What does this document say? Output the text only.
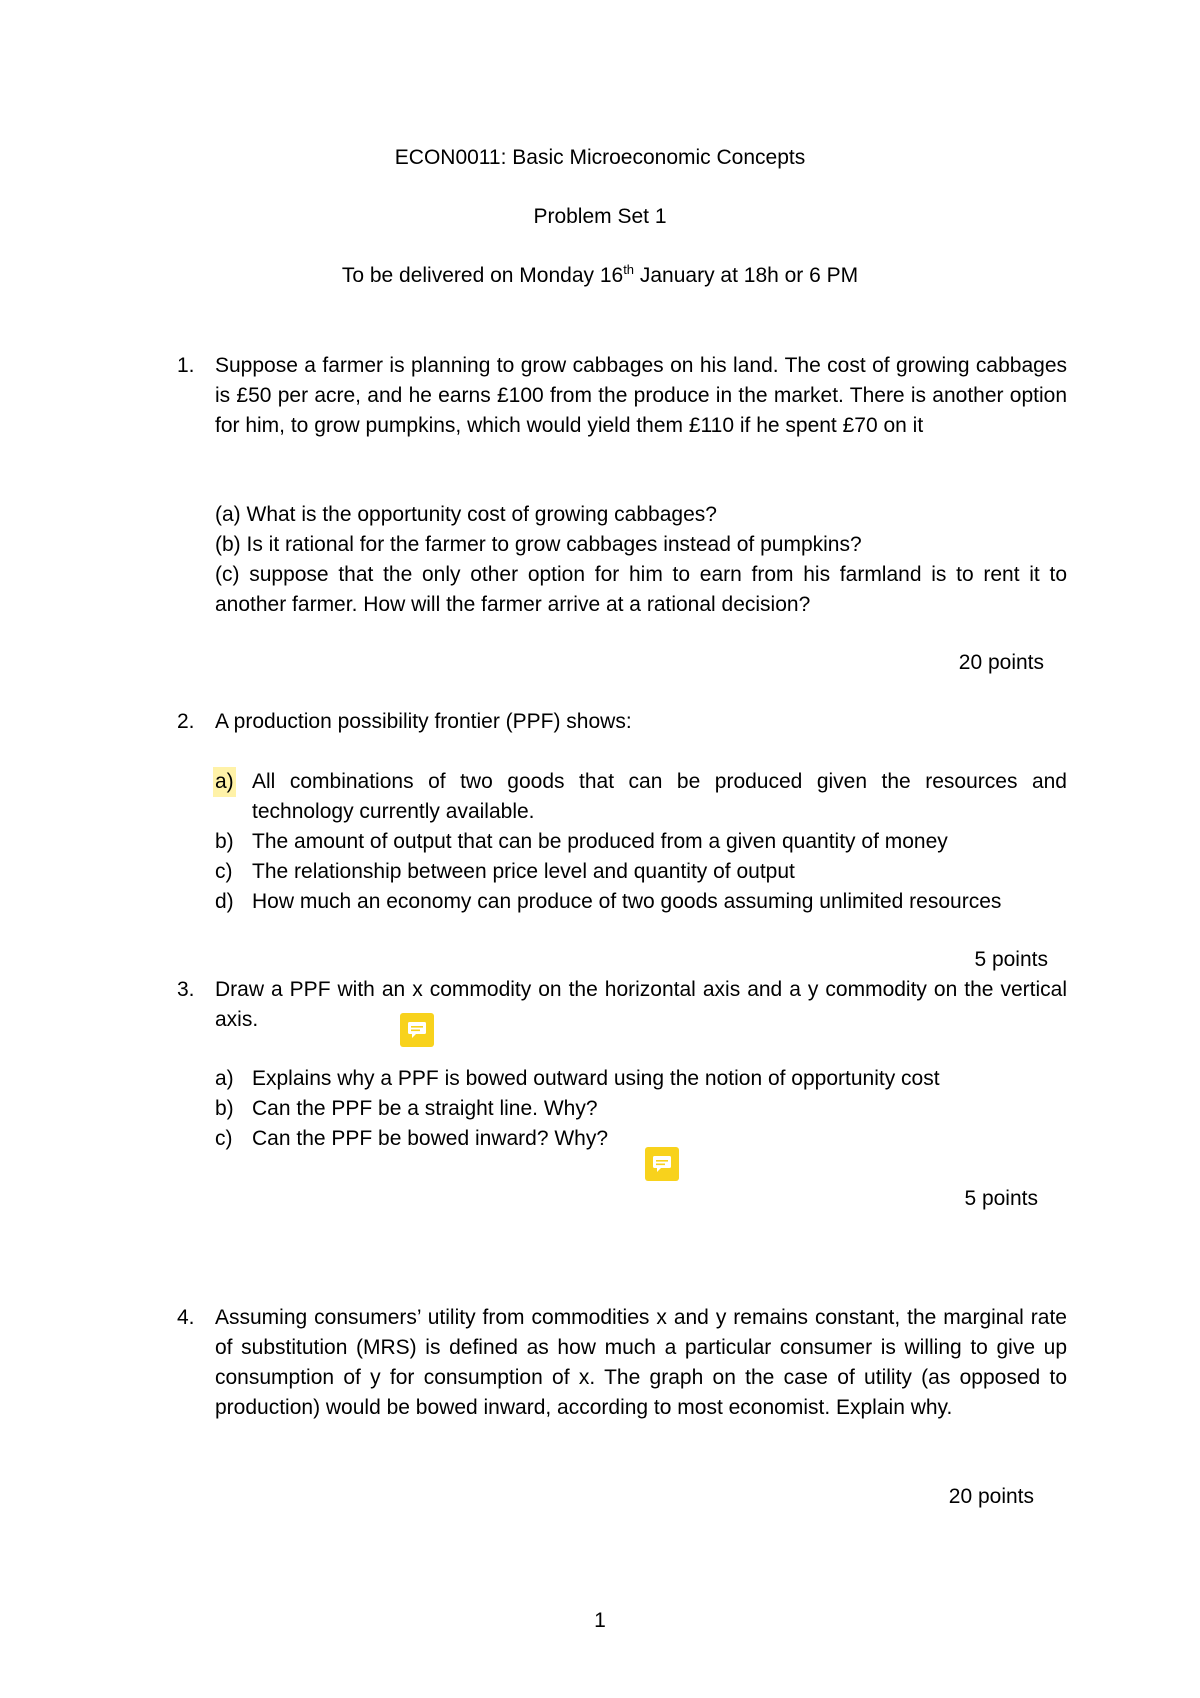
ECON0011: Basic Microeconomic Concepts
Problem Set 1
To be delivered on Monday 16th January at 18h or 6 PM
1. Suppose a farmer is planning to grow cabbages on his land. The cost of growing cabbages is £50 per acre, and he earns £100 from the produce in the market. There is another option for him, to grow pumpkins, which would yield them £110 if he spent £70 on it
(a) What is the opportunity cost of growing cabbages?
(b) Is it rational for the farmer to grow cabbages instead of pumpkins?
(c) suppose that the only other option for him to earn from his farmland is to rent it to another farmer. How will the farmer arrive at a rational decision?
20 points
2. A production possibility frontier (PPF) shows:
a) All combinations of two goods that can be produced given the resources and technology currently available.
b) The amount of output that can be produced from a given quantity of money
c) The relationship between price level and quantity of output
d) How much an economy can produce of two goods assuming unlimited resources
5 points
3. Draw a PPF with an x commodity on the horizontal axis and a y commodity on the vertical axis.
a) Explains why a PPF is bowed outward using the notion of opportunity cost
b) Can the PPF be a straight line. Why?
c) Can the PPF be bowed inward? Why?
5 points
4. Assuming consumers’ utility from commodities x and y remains constant, the marginal rate of substitution (MRS) is defined as how much a particular consumer is willing to give up consumption of y for consumption of x. The graph on the case of utility (as opposed to production) would be bowed inward, according to most economist. Explain why.
20 points
1
